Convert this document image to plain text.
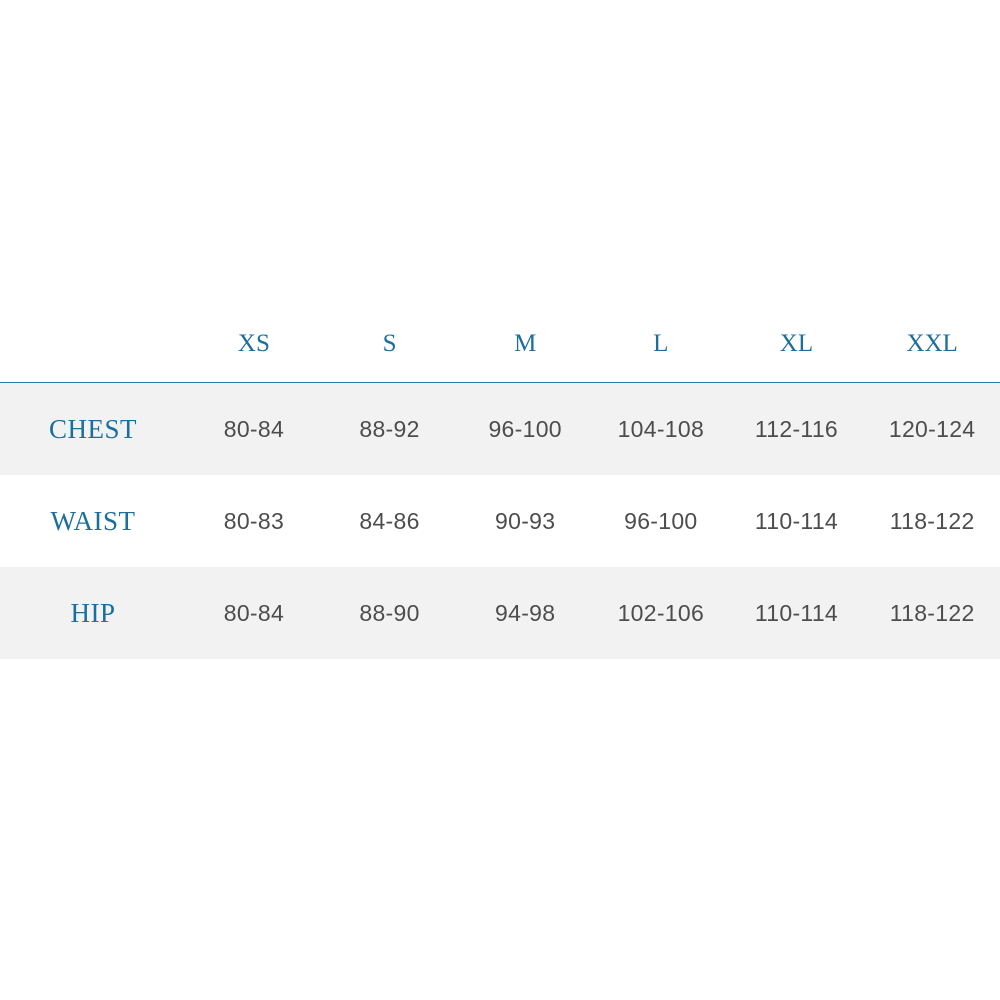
	XS	S	M	L	XL	XXL
CHEST	80-84	88-92	96-100	104-108	112-116	120-124
WAIST	80-83	84-86	90-93	96-100	110-114	118-122
HIP	80-84	88-90	94-98	102-106	110-114	118-122
